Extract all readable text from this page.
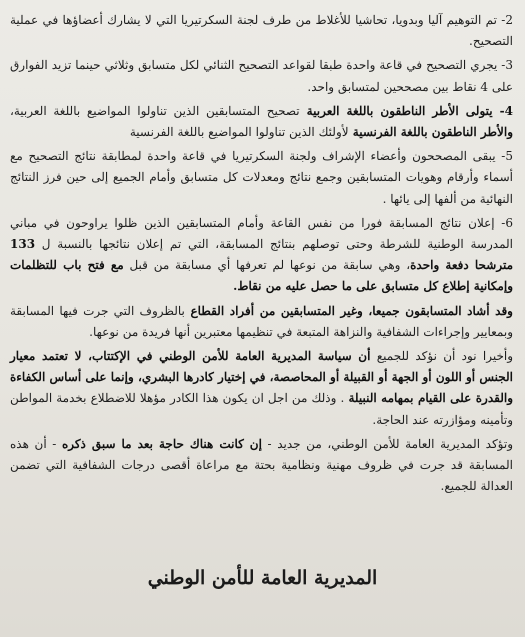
2- تم التوهيم آليا وبدويا، تحاشيا للأغلاط من طرف لجنة السكرتيريا التي لا يشارك أعضاؤها في عملية التصحيح.

3- يجري التصحيح في قاعة واحدة طبقا لقواعد التصحيح الثنائي لكل متسابق وثلاثي حينما تزيد الفوارق على 4 نقاط بين مصححين لمتسابق واحد.

4- يتولى الأطر الناطقون باللغة العربية تصحيح المتسابقين الذين تناولوا المواضيع باللغة العربية، والأطر الناطقون باللغة الفرنسية لأولئك الذين تناولوا المواضيع باللغة الفرنسية

5- يبقى المصححون وأعضاء الإشراف ولجنة السكرتيريا في قاعة واحدة لمطابقة نتائج التصحيح مع أسماء وأرقام وهويات المتسابقين وجمع نتائج ومعدلات كل متسابق وأمام الجميع إلى حين فرز النتائج النهائية من ألفها إلى يائها .

6- إعلان نتائج المسابقة فورا من نفس القاعة وأمام المتسابقين الذين ظلوا يراوحون في مباني المدرسة الوطنية للشرطة وحتى توصلهم بنتائج المسابقة، التي تم إعلان نتائجها بالنسبة ل 133 مترشحا دفعة واحدة، وهي سابقة من نوعها لم تعرفها أي مسابقة من قبل مع فتح باب للتظلمات وإمكانية إطلاع كل متسابق على ما حصل عليه من نقاط.

وقد أشاد المتسابقون جميعا، وغير المتسابقين من أفراد القطاع بالظروف التي جرت فيها المسابقة وبمعايير وإجراءات الشفافية والنزاهة المتبعة في تنظيمها معتبرين أنها فريدة من نوعها.

وأخيرا نود أن نؤكد للجميع أن سياسة المديرية العامة للأمن الوطني في الإكتتاب، لا تعتمد معيار الجنس أو اللون أو الجهة أو القبيلة أو المحاصصة، في إختيار كادرها البشري، وإنما على أساس الكفاءة والقدرة على القيام بمهامه النبيلة . وذلك من اجل ان يكون هذا الكادر مؤهلا للاضطلاع بخدمة المواطن وتأمينه ومؤازرته عند الحاجة.

وتؤكد المديرية العامة للأمن الوطني، من جديد - إن كانت هناك حاجة بعد ما سبق ذكره - أن هذه المسابقة قد جرت في ظروف مهنية ونظامية بحتة مع مراعاة أقصى درجات الشفافية التي تضمن العدالة للجميع.

المديرية العامة للأمن الوطني
